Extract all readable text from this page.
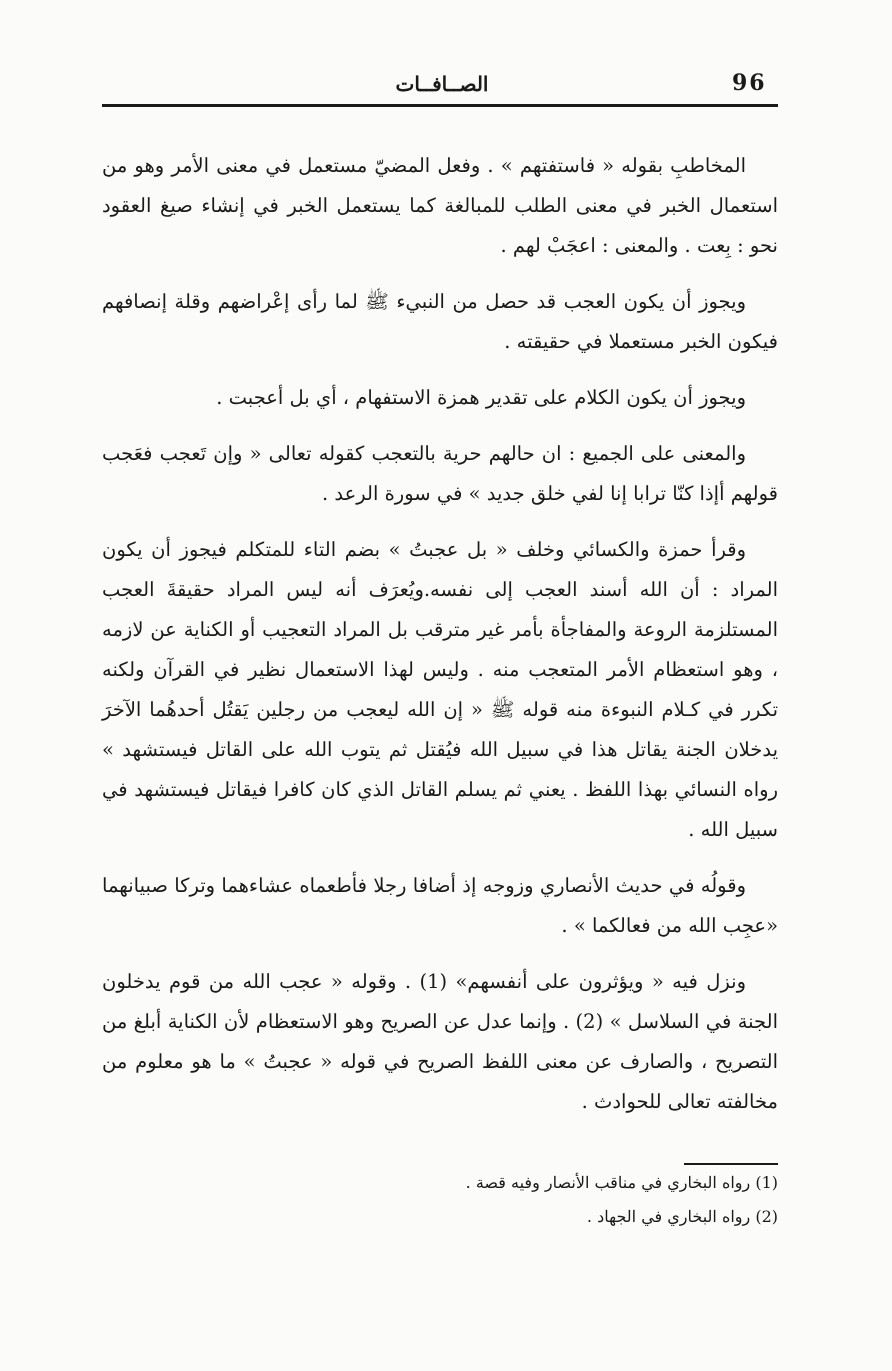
96
الصــافــات

المخاطبِ بقوله « فاستفتهم » . وفعل المضيّ مستعمل في معنى الأمر وهو من استعمال الخبر في معنى الطلب للمبالغة كما يستعمل الخبر في إنشاء صيغ العقود نحو : بِعت . والمعنى : اعجَبْ لهم .

ويجوز أن يكون العجب قد حصل من النبيء ﷺ لما رأى إعْراضهم وقلة إنصافهم فيكون الخبر مستعملا في حقيقته .

ويجوز أن يكون الكلام على تقدير همزة الاستفهام ، أي بل أعجبت .

والمعنى على الجميع : ان حالهم حرية بالتعجب كقوله تعالى « وإن تَعجب فعَجب قولهم أإذا كنّا ترابا إنا لفي خلق جديد » في سورة الرعد .

وقرأ حمزة والكسائي وخلف « بل عجبتُ » بضم التاء للمتكلم فيجوز أن يكون المراد : أن الله أسند العجب إلى نفسه.ويُعرَف أنه ليس المراد حقيقةَ العجب المستلزمة الروعة والمفاجأة بأمر غير مترقب بل المراد التعجيب أو الكناية عن لازمه ، وهو استعظام الأمر المتعجب منه . وليس لهذا الاستعمال نظير في القرآن ولكنه تكرر في كـلام النبوءة منه قوله ﷺ « إن الله ليعجب من رجلين يَقتُل أحدهُما الآخرَ يدخلان الجنة يقاتل هذا في سبيل الله فيُقتل ثم يتوب الله على القاتل فيستشهد » رواه النسائي بهذا اللفظ . يعني ثم يسلم القاتل الذي كان كافرا فيقاتل فيستشهد في سبيل الله .

وقولُه في حديث الأنصاري وزوجه إذ أضافا رجلا فأطعماه عشاءهما وتركا صبيانهما «عجِب الله من فعالكما » .

ونزل فيه « ويؤثرون على أنفسهم» (1) . وقوله « عجب الله من قوم يدخلون الجنة في السلاسل » (2) . وإنما عدل عن الصريح وهو الاستعظام لأن الكناية أبلغ من التصريح ، والصارف عن معنى اللفظ الصريح في قوله « عجبتُ » ما هو معلوم من مخالفته تعالى للحوادث .

(1) رواه البخاري في مناقب الأنصار وفيه قصة .

(2) رواه البخاري في الجهاد .
